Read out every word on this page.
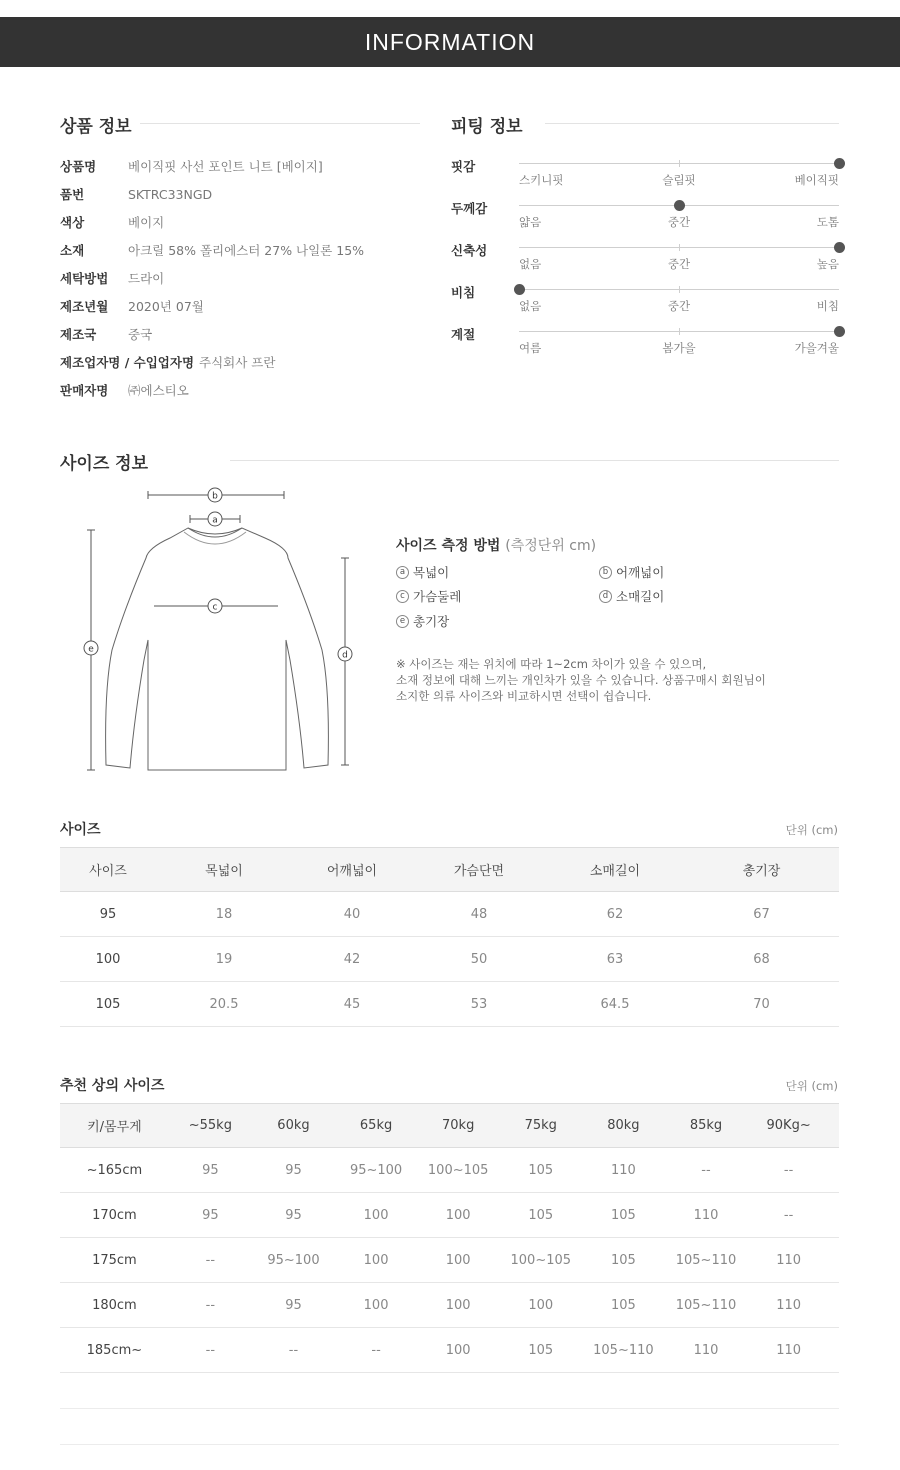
INFORMATION
상품 정보
상품명	베이직핏 사선 포인트 니트 [베이지]
품번	SKTRC33NGD
색상	베이지
소재	아크릴 58% 폴리에스터 27% 나일론 15%
세탁방법	드라이
제조년월	2020년 07월
제조국	중국
제조업자명 / 수입업자명 주식회사 프란
판매자명	㈜에스티오
피팅 정보
핏감
스키니핏	슬림핏	베이직핏
두께감
얇음	중간	도톰
신축성
없음	중간	높음
비침
없음	중간	비침
계절
여름	봄가을	가을겨울
사이즈 정보
b
a
c
e
d
사이즈 측정 방법 (측정단위 cm)
a 목넓이	b 어깨넓이
c 가슴둘레	d 소매길이
e 총기장
※ 사이즈는 재는 위치에 따라 1~2cm 차이가 있을 수 있으며,
소재 정보에 대해 느끼는 개인차가 있을 수 있습니다. 상품구매시 회원님이
소지한 의류 사이즈와 비교하시면 선택이 쉽습니다.
사이즈	단위 (cm)
사이즈	목넓이	어깨넓이	가슴단면	소매길이	총기장
95	18	40	48	62	67
100	19	42	50	63	68
105	20.5	45	53	64.5	70
추천 상의 사이즈	단위 (cm)
키/몸무게	~55kg	60kg	65kg	70kg	75kg	80kg	85kg	90Kg~	
~165cm	95	95	95~100	100~105	105	110	--	--	
170cm	95	95	100	100	105	105	110	--	
175cm	--	95~100	100	100	100~105	105	105~110	110	
180cm	--	95	100	100	100	105	105~110	110	
185cm~	--	--	--	100	105	105~110	110	110	
